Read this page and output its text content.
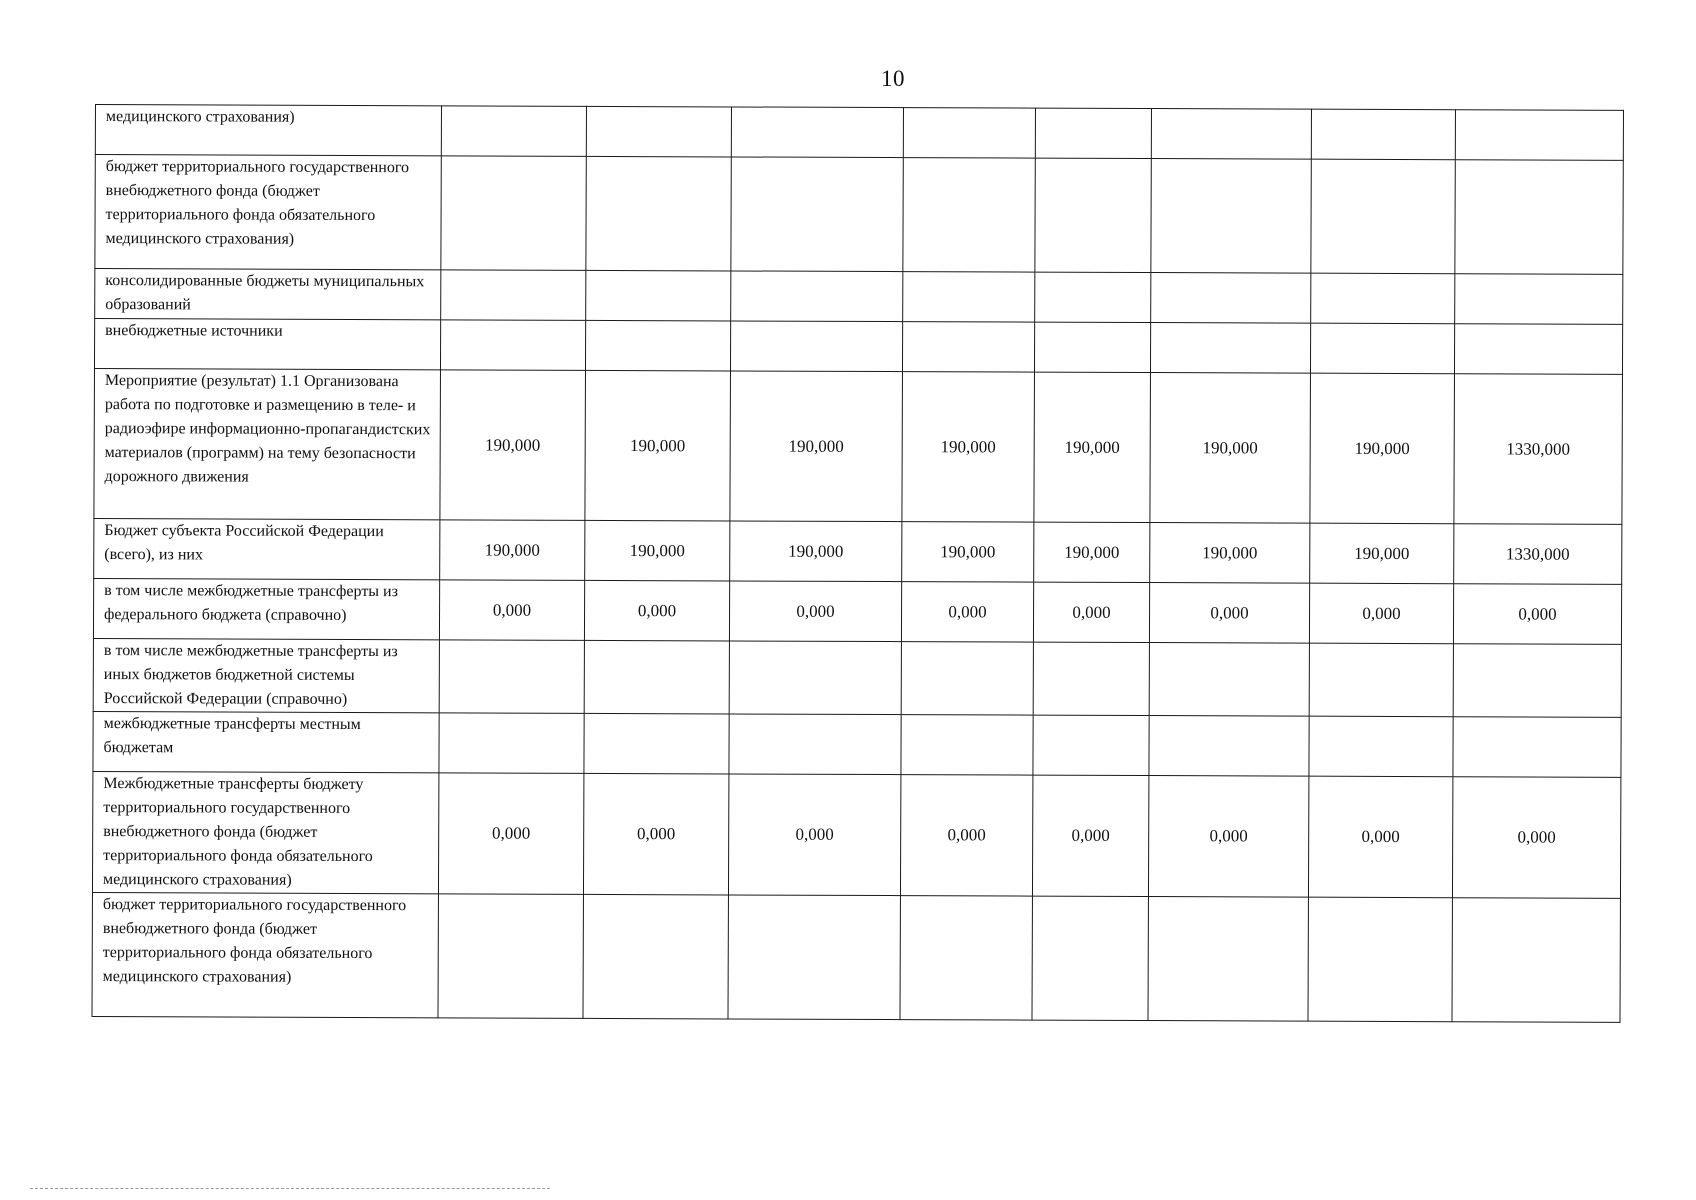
10
медицинского страхования)								
бюджет территориального государственного внебюджетного фонда (бюджет территориального фонда обязательного медицинского страхования)								
консолидированные бюджеты муниципальных образований								
внебюджетные источники								
Мероприятие (результат) 1.1 Организована работа по подготовке и размещению в теле- и радиоэфире информационно-пропагандистских материалов (программ) на тему безопасности дорожного движения	190,000	190,000	190,000	190,000	190,000	190,000	190,000	1330,000
Бюджет субъекта Российской Федерации (всего), из них	190,000	190,000	190,000	190,000	190,000	190,000	190,000	1330,000
в том числе межбюджетные трансферты из федерального бюджета (справочно)	0,000	0,000	0,000	0,000	0,000	0,000	0,000	0,000
в том числе межбюджетные трансферты из иных бюджетов бюджетной системы Российской Федерации (справочно)								
межбюджетные трансферты местным бюджетам								
Межбюджетные трансферты бюджету территориального государственного внебюджетного фонда (бюджет территориального фонда обязательного медицинского страхования)	0,000	0,000	0,000	0,000	0,000	0,000	0,000	0,000
бюджет территориального государственного внебюджетного фонда (бюджет территориального фонда обязательного медицинского страхования)								
